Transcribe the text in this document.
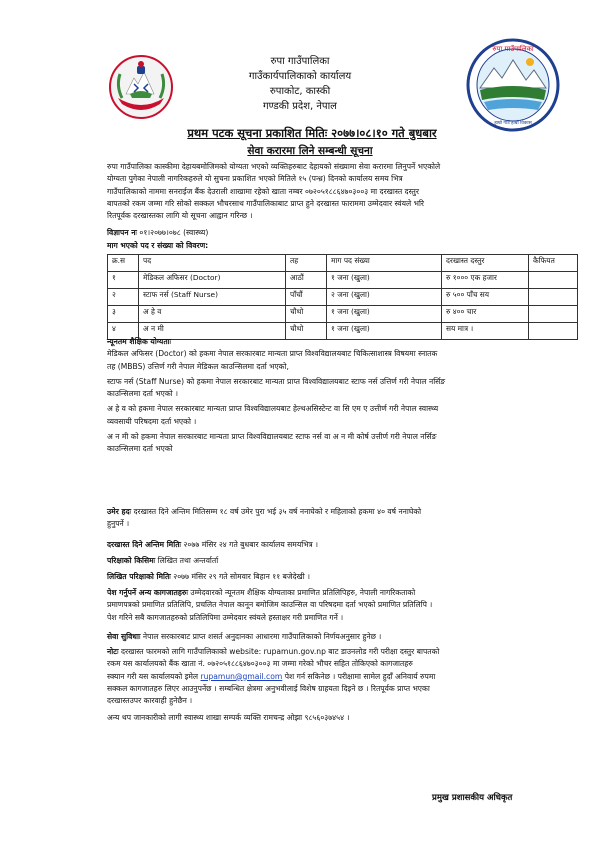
रुपा गाउँपालिका
गाउँकार्यपालिकाको कार्यालय
रुपाकोट, कास्की
गण्डकी प्रदेश, नेपाल
रुपा गाउँपालिका
हाम्रो गाउँ हाम्रो विकास
प्रथम पटक सूचना प्रकाशित मितिः २०७७।०८।१० गते बुधबार
सेवा करारमा लिने सम्बन्धी सूचना
रुपा गाउँपालिका कास्कीमा देहायबमोजिमको योग्यता भएको व्यक्तिहरुबाट देहायको संख्यामा सेवा करारमा लिनुपर्ने भएकोले
योग्यता पुगेका नेपाली नागरिकहरुले यो सुचना प्रकाशित भएको मितिले १५ (पन्ध्र) दिनको कार्यालय समय भित्र
गाउँपालिकाको नाममा सनराईज बैंक देउराली शाखामा रहेको खाता नम्बर ०७२०५१८८६४७०३००३ मा दरखास्त दस्तुर
बापतको रकम जम्मा गरि सोको सक्कल भौचरसाथ गाउँपालिकाबाट प्राप्त हुने दरखास्त फाराममा उम्मेदवार स्वंयले भरि
रितपूर्वक दरखास्तका लागि यो सूचना आह्वान गरिन्छ ।
विज्ञापन नः ०१।२०७७।०७८ (स्वास्थ्य)
माग भएको पद र संख्या को विवरण:
क्र.स	पद	तह	माग पद संख्या	दरखास्त दस्तुर	कैफियत
१	मेडिकल अफिसर (Doctor)	आठौं	१ जना (खुला)	रु १००० एक हजार	
२	स्टाफ नर्स (Staff Nurse)	पाँचौं	२ जना (खुला)	रु ५०० पाँच सय	
३	अ हे व	चौथो	१ जना (खुला)	रु ४०० चार	
४	अ न मी	चौथो	१ जना (खुला)	सय मात्र ।	
न्यूनतम शैक्षिक योग्यताः
मेडिकल अफिसर (Doctor) को हकमा नेपाल सरकारबाट मान्यता प्राप्त विश्वविद्यालयबाट चिकित्साशास्त्र विषयमा स्नातक
तह (MBBS) उत्तिर्ण गरी नेपाल मेडिकल काउन्सिलमा दर्ता भएको,
स्टाफ नर्स (Staff Nurse) को हकमा नेपाल सरकारबाट मान्यता प्राप्त विश्वविद्यालयबाट स्टाफ नर्स उत्तिर्ण गरी नेपाल नर्सिङ
काउन्सिलमा दर्ता भएको ।
अ हे व को हकमा नेपाल सरकारबाट मान्यता प्राप्त विश्वविद्यालयबाट हेल्थअसिस्टेन्ट वा सि एम ए उत्तीर्ण गरी नेपाल स्वास्थ्य
व्यवसायी परिषदमा दर्ता भएको ।
अ न मी को हकमा नेपाल सरकारबाट मान्यता प्राप्त विश्वविद्यालयबाट स्टाफ नर्स वा अ न मी कोर्ष उत्तीर्ण गरी नेपाल नर्सिङ
काउन्सिलमा दर्ता भएको
उमेर हदः दरखास्त दिने अन्तिम मितिसम्म १८ वर्ष उमेर पुरा भई ३५ वर्ष ननाघेको र महिलाको हकमा ४० वर्ष ननाघेको
हुनुपर्ने ।
दरखास्त दिने अन्तिम मितिः २०७७ मंसिर २४ गते बुधबार कार्यालय समयभित्र ।
परिक्षाको किसिमः लिखित तथा अन्तर्वार्ता
लिखित परिक्षाको मितिः २०७७ मंसिर २९ गते सोमवार बिहान ११ बजेदेखी ।
पेश गर्नुपर्ने अन्य कागजातहरुः उम्मेदवारको न्यूनतम शैक्षिक योग्यताका प्रमाणित प्रतिलिपिहरु, नेपाली नागरिकताको
प्रमाणपत्रको प्रमाणित प्रतिलिपि, प्रचलित नेपाल कानून बमोजिम काउन्सिल वा परिषदमा दर्ता भएको प्रमाणित प्रतिलिपि ।
पेश गरिने सबै कागजातहरुको प्रतिलिपिमा उम्मेदवार स्वंयले हस्ताक्षर गरी प्रमाणित गर्ने ।
सेवा सुविधाः नेपाल सरकारबाट प्राप्त शसर्त अनुदानका आधारमा गाउँपालिकाको निर्णयअनुसार हुनेछ ।
नोटः दरखास्त फारमको लागि गाउँपालिकाको website: rupamun.gov.np बाट डाउनलोड गरी परीक्षा दस्तुर बापतको
रकम यस कार्यालयको बैंक खाता नं. ०७२०५१८८६४७०३००३ मा जम्मा गरेको भौचर सहित तोकिएको कागजातहरु
स्क्यान गरी यस कार्यालयको इमेल rupamun@gmail.com पेश गर्न सकिनेछ । परीक्षामा सामेल हुदाँ अनिवार्य रुपमा
सक्कल कागजातहरु लिएर आउनुपर्नेछ । सम्बन्धित क्षेत्रमा अनुभवीलाई विशेष ग्राहयता दिइने छ । रितपूर्वक प्राप्त भएका
दरखास्तउपर कारवाही हुनेछैन ।
अन्य थप जानकारीको लागी स्वास्थ्य शाखा सम्पर्क व्यक्ति रामचन्द्र ओझा ९८५६०३७४५४ ।
प्रमुख प्रशासकीय अधिकृत
